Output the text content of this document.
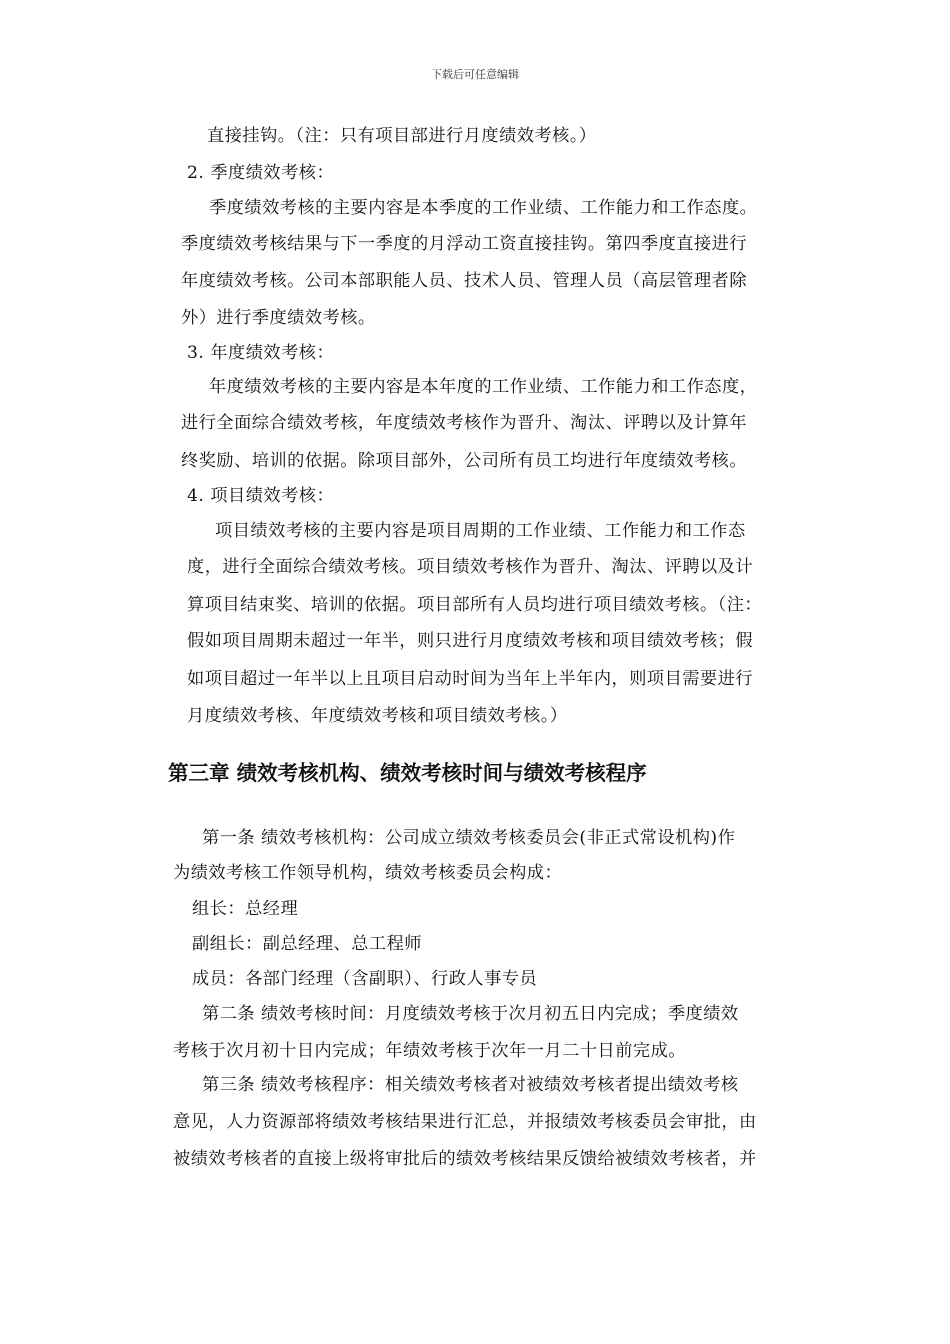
下载后可任意编辑
直接挂钩。（注：只有项目部进行月度绩效考核。）
2. 季度绩效考核：
季度绩效考核的主要内容是本季度的工作业绩、工作能力和工作态度。
季度绩效考核结果与下一季度的月浮动工资直接挂钩。第四季度直接进行
年度绩效考核。公司本部职能人员、技术人员、管理人员（高层管理者除
外）进行季度绩效考核。
3. 年度绩效考核：
年度绩效考核的主要内容是本年度的工作业绩、工作能力和工作态度，
进行全面综合绩效考核，年度绩效考核作为晋升、淘汰、评聘以及计算年
终奖励、培训的依据。除项目部外，公司所有员工均进行年度绩效考核。
4. 项目绩效考核：
项目绩效考核的主要内容是项目周期的工作业绩、工作能力和工作态
度，进行全面综合绩效考核。项目绩效考核作为晋升、淘汰、评聘以及计
算项目结束奖、培训的依据。项目部所有人员均进行项目绩效考核。（注：
假如项目周期未超过一年半，则只进行月度绩效考核和项目绩效考核；假
如项目超过一年半以上且项目启动时间为当年上半年内，则项目需要进行
月度绩效考核、年度绩效考核和项目绩效考核。）
第三章 绩效考核机构、绩效考核时间与绩效考核程序
第一条 绩效考核机构：公司成立绩效考核委员会(非正式常设机构)作
为绩效考核工作领导机构，绩效考核委员会构成：
组长：总经理
副组长：副总经理、总工程师
成员：各部门经理（含副职）、行政人事专员
第二条 绩效考核时间：月度绩效考核于次月初五日内完成；季度绩效
考核于次月初十日内完成；年绩效考核于次年一月二十日前完成。
第三条 绩效考核程序：相关绩效考核者对被绩效考核者提出绩效考核
意见，人力资源部将绩效考核结果进行汇总，并报绩效考核委员会审批，由
被绩效考核者的直接上级将审批后的绩效考核结果反馈给被绩效考核者，并
